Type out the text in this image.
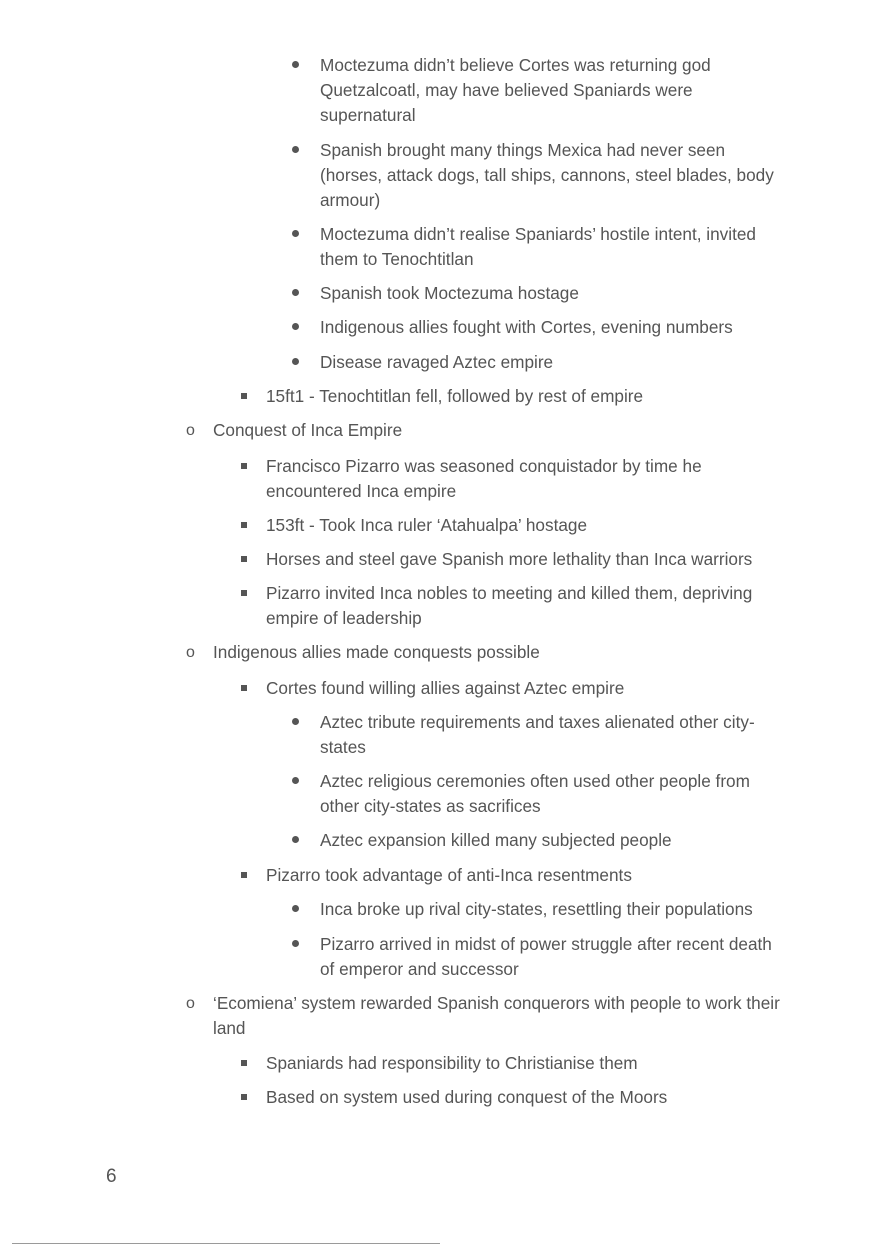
Moctezuma didn’t believe Cortes was returning god Quetzalcoatl, may have believed Spaniards were supernatural
Spanish brought many things Mexica had never seen (horses, attack dogs, tall ships, cannons, steel blades, body armour)
Moctezuma didn’t realise Spaniards’ hostile intent, invited them to Tenochtitlan
Spanish took Moctezuma hostage
Indigenous allies fought with Cortes, evening numbers
Disease ravaged Aztec empire
15ft1 - Tenochtitlan fell, followed by rest of empire
o Conquest of Inca Empire
Francisco Pizarro was seasoned conquistador by time he encountered Inca empire
153ft - Took Inca ruler ‘Atahualpa’ hostage
Horses and steel gave Spanish more lethality than Inca warriors
Pizarro invited Inca nobles to meeting and killed them, depriving empire of leadership
o Indigenous allies made conquests possible
Cortes found willing allies against Aztec empire
Aztec tribute requirements and taxes alienated other city-states
Aztec religious ceremonies often used other people from other city-states as sacrifices
Aztec expansion killed many subjected people
Pizarro took advantage of anti-Inca resentments
Inca broke up rival city-states, resettling their populations
Pizarro arrived in midst of power struggle after recent death of emperor and successor
o ‘Ecomiena’ system rewarded Spanish conquerors with people to work their land
Spaniards had responsibility to Christianise them
Based on system used during conquest of the Moors
6
